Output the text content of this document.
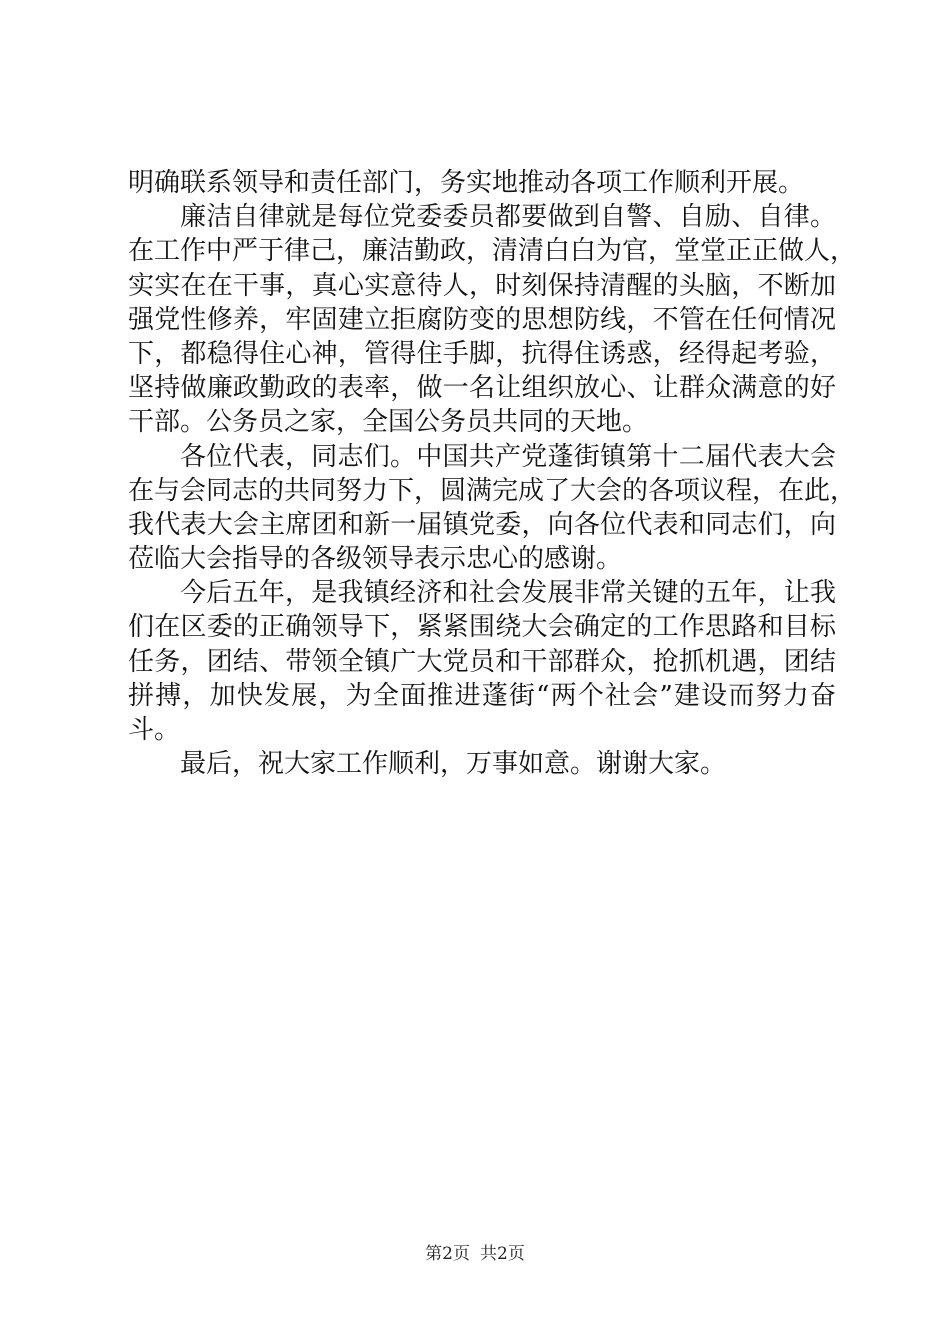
明确联系领导和责任部门，务实地推动各项工作顺利开展。
廉洁自律就是每位党委委员都要做到自警、自励、自律。
在工作中严于律己，廉洁勤政，清清白白为官，堂堂正正做人，
实实在在干事，真心实意待人，时刻保持清醒的头脑，不断加
强党性修养，牢固建立拒腐防变的思想防线，不管在任何情况
下，都稳得住心神，管得住手脚，抗得住诱惑，经得起考验，
坚持做廉政勤政的表率，做一名让组织放心、让群众满意的好
干部。公务员之家，全国公务员共同的天地。
各位代表，同志们。中国共产党蓬街镇第十二届代表大会
在与会同志的共同努力下，圆满完成了大会的各项议程，在此，
我代表大会主席团和新一届镇党委，向各位代表和同志们，向
莅临大会指导的各级领导表示忠心的感谢。
今后五年，是我镇经济和社会发展非常关键的五年，让我
们在区委的正确领导下，紧紧围绕大会确定的工作思路和目标
任务，团结、带领全镇广大党员和干部群众，抢抓机遇，团结
拼搏，加快发展，为全面推进蓬街“两个社会”建设而努力奋
斗。
最后，祝大家工作顺利，万事如意。谢谢大家。
第2页 共2页
